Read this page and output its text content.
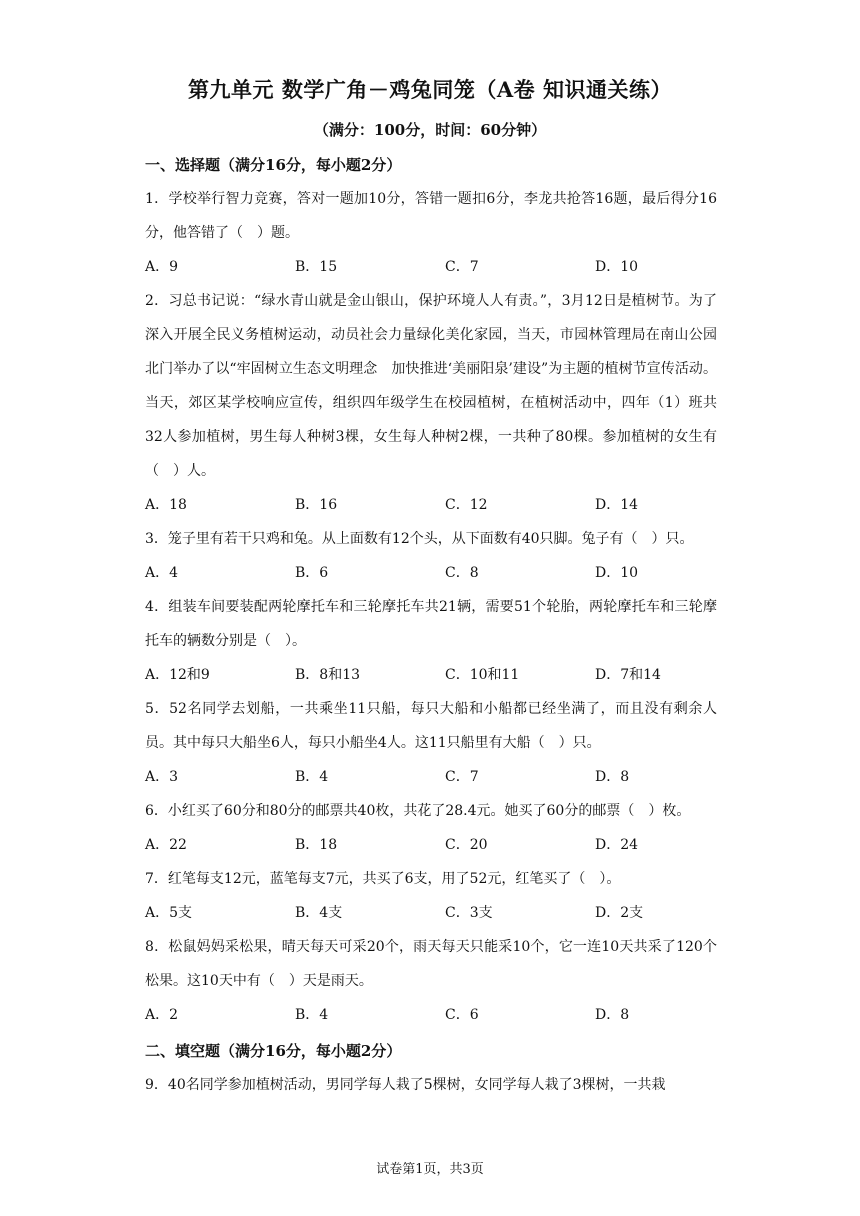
第九单元 数学广角－鸡兔同笼（A卷 知识通关练）
（满分：100分，时间：60分钟）
一、选择题（满分16分，每小题2分）
1．学校举行智力竞赛，答对一题加10分，答错一题扣6分，李龙共抢答16题，最后得分16分，他答错了（　）题。
A．9	B．15	C．7	D．10
2．习总书记说：“绿水青山就是金山银山，保护环境人人有责。”，3月12日是植树节。为了深入开展全民义务植树运动，动员社会力量绿化美化家园，当天，市园林管理局在南山公园北门举办了以“牢固树立生态文明理念　加快推进‘美丽阳泉’建设”为主题的植树节宣传活动。当天，郊区某学校响应宣传，组织四年级学生在校园植树，在植树活动中，四年（1）班共32人参加植树，男生每人种树3棵，女生每人种树2棵，一共种了80棵。参加植树的女生有（　）人。
A．18	B．16	C．12	D．14
3．笼子里有若干只鸡和兔。从上面数有12个头，从下面数有40只脚。兔子有（　）只。
A．4	B．6	C．8	D．10
4．组装车间要装配两轮摩托车和三轮摩托车共21辆，需要51个轮胎，两轮摩托车和三轮摩托车的辆数分别是（　）。
A．12和9	B．8和13	C．10和11	D．7和14
5．52名同学去划船，一共乘坐11只船，每只大船和小船都已经坐满了，而且没有剩余人员。其中每只大船坐6人，每只小船坐4人。这11只船里有大船（　）只。
A．3	B．4	C．7	D．8
6．小红买了60分和80分的邮票共40枚，共花了28.4元。她买了60分的邮票（　）枚。
A．22	B．18	C．20	D．24
7．红笔每支12元，蓝笔每支7元，共买了6支，用了52元，红笔买了（　）。
A．5支	B．4支	C．3支	D．2支
8．松鼠妈妈采松果，晴天每天可采20个，雨天每天只能采10个，它一连10天共采了120个松果。这10天中有（　）天是雨天。
A．2	B．4	C．6	D．8
二、填空题（满分16分，每小题2分）
9．40名同学参加植树活动，男同学每人栽了5棵树，女同学每人栽了3棵树，一共栽
试卷第1页，共3页
